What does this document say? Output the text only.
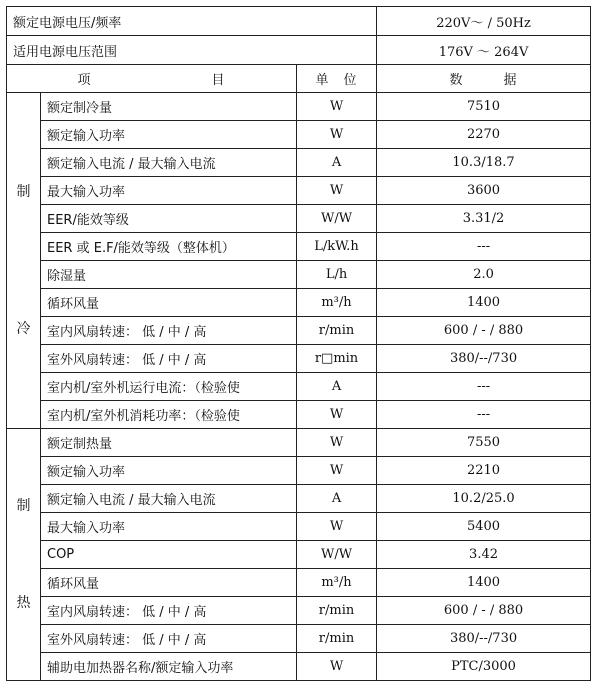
额定电源电压/频率			220V～ / 50Hz
适用电源电压范围			176V ～ 264V
项 目		单 位	数 据

制
冷	额定制冷量	W	7510
	额定输入功率	W	2270
	额定输入电流 / 最大输入电流	A	10.3/18.7
	最大输入功率	W	3600
	EER/能效等级	W/W	3.31/2
	EER 或 E.F/能效等级（整体机）	L/kW.h	---
	除湿量	L/h	2.0
	循环风量	m³/h	1400
	室内风扇转速： 低 / 中 / 高	r/min	600 / - / 880
	室外风扇转速： 低 / 中 / 高	r□min	380/--/730
	室内机/室外机运行电流：（检验使	A	---
	室内机/室外机消耗功率：（检验使	W	---

制
热	额定制热量	W	7550
	额定输入功率	W	2210
	额定输入电流 / 最大输入电流	A	10.2/25.0
	最大输入功率	W	5400
	COP	W/W	3.42
	循环风量	m³/h	1400
	室内风扇转速： 低 / 中 / 高	r/min	600 / - / 880
	室外风扇转速： 低 / 中 / 高	r/min	380/--/730
	辅助电加热器名称/额定输入功率	W	PTC/3000
